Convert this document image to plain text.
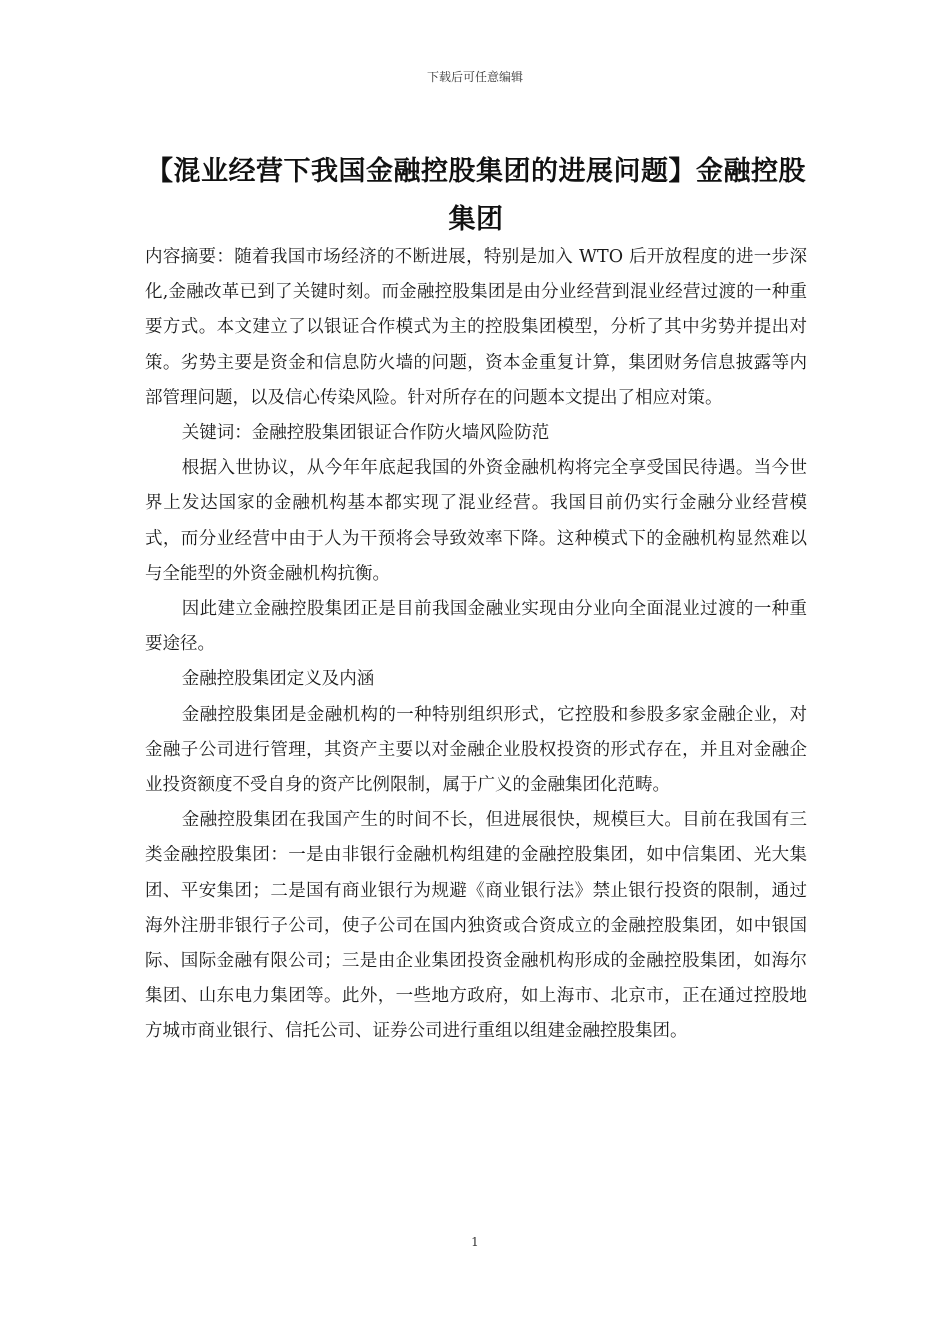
下载后可任意编辑
【混业经营下我国金融控股集团的进展问题】金融控股集团

内容摘要：随着我国市场经济的不断进展，特别是加入 WTO 后开放程度的进一步深化,金融改革已到了关键时刻。而金融控股集团是由分业经营到混业经营过渡的一种重要方式。本文建立了以银证合作模式为主的控股集团模型，分析了其中劣势并提出对策。劣势主要是资金和信息防火墙的问题，资本金重复计算，集团财务信息披露等内部管理问题，以及信心传染风险。针对所存在的问题本文提出了相应对策。

关键词：金融控股集团银证合作防火墙风险防范

根据入世协议，从今年年底起我国的外资金融机构将完全享受国民待遇。当今世界上发达国家的金融机构基本都实现了混业经营。我国目前仍实行金融分业经营模式，而分业经营中由于人为干预将会导致效率下降。这种模式下的金融机构显然难以与全能型的外资金融机构抗衡。

因此建立金融控股集团正是目前我国金融业实现由分业向全面混业过渡的一种重要途径。

金融控股集团定义及内涵

金融控股集团是金融机构的一种特别组织形式，它控股和参股多家金融企业，对金融子公司进行管理，其资产主要以对金融企业股权投资的形式存在，并且对金融企业投资额度不受自身的资产比例限制，属于广义的金融集团化范畴。

金融控股集团在我国产生的时间不长，但进展很快，规模巨大。目前在我国有三类金融控股集团：一是由非银行金融机构组建的金融控股集团，如中信集团、光大集团、平安集团；二是国有商业银行为规避《商业银行法》禁止银行投资的限制，通过海外注册非银行子公司，使子公司在国内独资或合资成立的金融控股集团，如中银国际、国际金融有限公司；三是由企业集团投资金融机构形成的金融控股集团，如海尔集团、山东电力集团等。此外，一些地方政府，如上海市、北京市，正在通过控股地方城市商业银行、信托公司、证券公司进行重组以组建金融控股集团。

1
